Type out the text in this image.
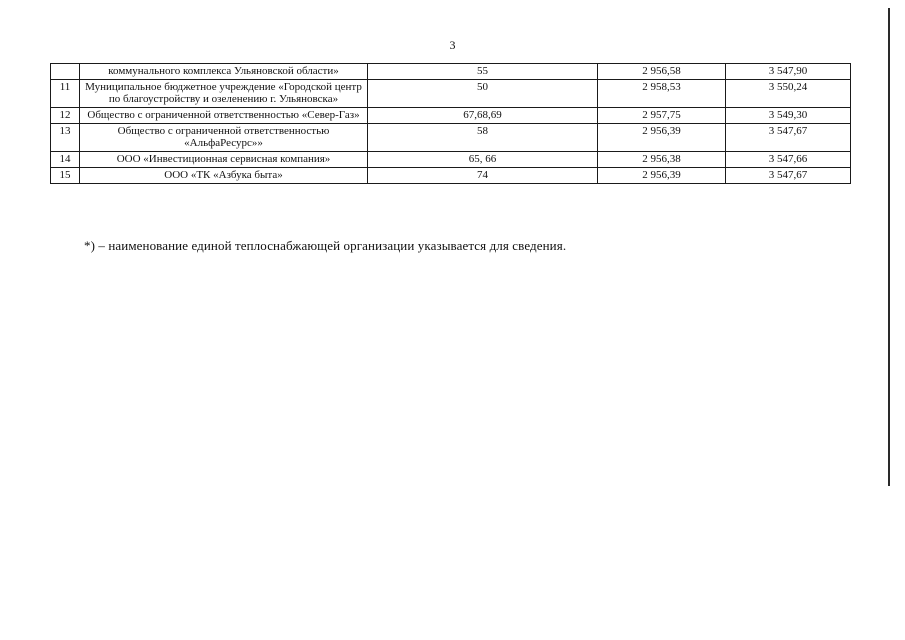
3
	коммунального комплекса Ульяновской области»	55	2 956,58	3 547,90
11	Муниципальное бюджетное учреждение «Городской центр по благоустройству и озеленению г. Ульяновска»	50	2 958,53	3 550,24
12	Общество с ограниченной ответственностью «Север-Газ»	67,68,69	2 957,75	3 549,30
13	Общество с ограниченной ответственностью «АльфаРесурс»»	58	2 956,39	3 547,67
14	ООО «Инвестиционная сервисная компания»	65, 66	2 956,38	3 547,66
15	ООО «ТК «Азбука быта»	74	2 956,39	3 547,67
*) – наименование единой теплоснабжающей организации указывается для сведения.
